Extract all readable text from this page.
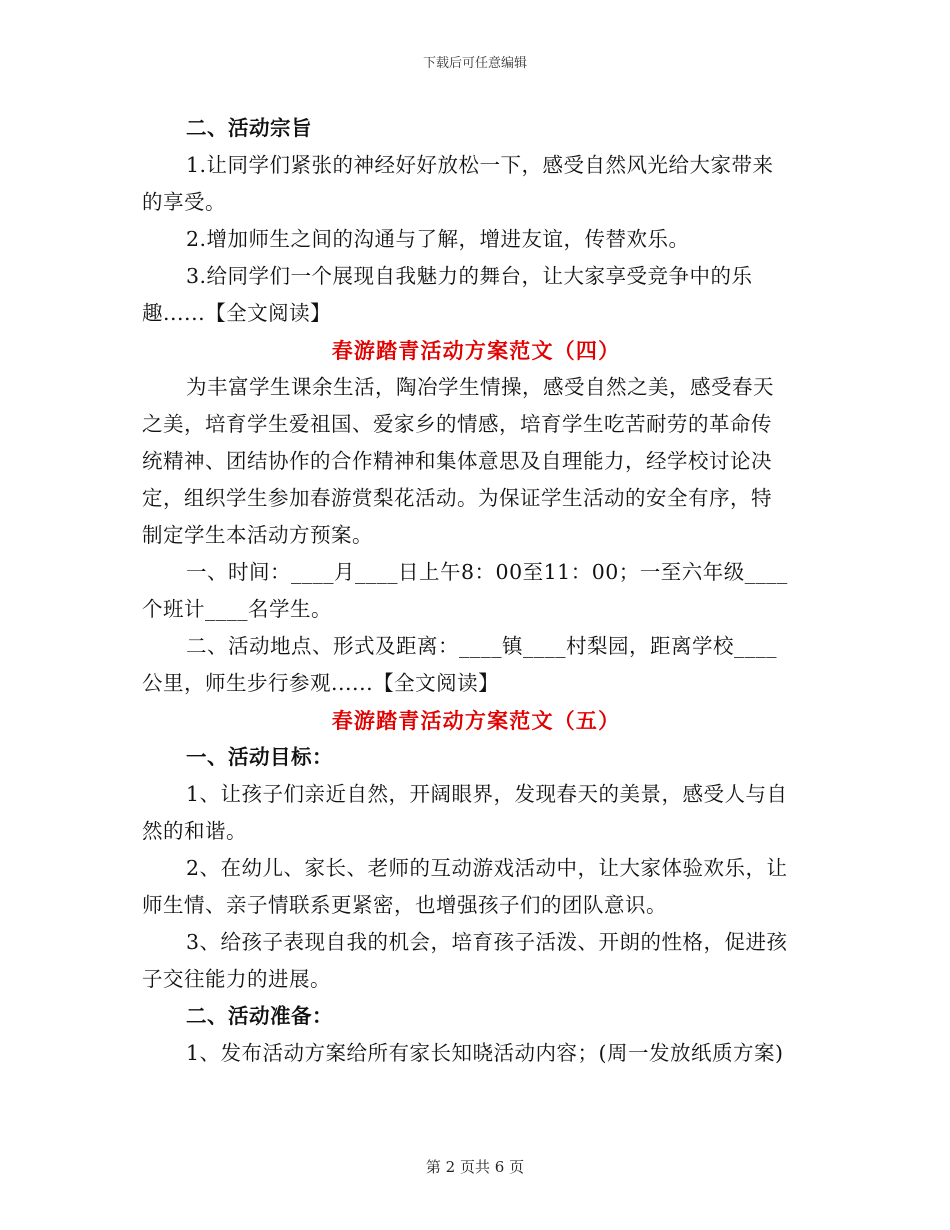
下载后可任意编辑
二、活动宗旨
1.让同学们紧张的神经好好放松一下，感受自然风光给大家带来
的享受。
2.增加师生之间的沟通与了解，增进友谊，传替欢乐。
3.给同学们一个展现自我魅力的舞台，让大家享受竞争中的乐
趣......【全文阅读】
春游踏青活动方案范文（四）
为丰富学生课余生活，陶冶学生情操，感受自然之美，感受春天
之美，培育学生爱祖国、爱家乡的情感，培育学生吃苦耐劳的革命传
统精神、团结协作的合作精神和集体意思及自理能力，经学校讨论决
定，组织学生参加春游赏梨花活动。为保证学生活动的安全有序，特
制定学生本活动方预案。
一、时间：____月____日上午8：00至11：00；一至六年级____
个班计____名学生。
二、活动地点、形式及距离：____镇____村梨园，距离学校____
公里，师生步行参观......【全文阅读】
春游踏青活动方案范文（五）
一、活动目标：
1、让孩子们亲近自然，开阔眼界，发现春天的美景，感受人与自
然的和谐。
2、在幼儿、家长、老师的互动游戏活动中，让大家体验欢乐，让
师生情、亲子情联系更紧密，也增强孩子们的团队意识。
3、给孩子表现自我的机会，培育孩子活泼、开朗的性格，促进孩
子交往能力的进展。
二、活动准备：
1、发布活动方案给所有家长知晓活动内容；(周一发放纸质方案)
第 2 页共 6 页
